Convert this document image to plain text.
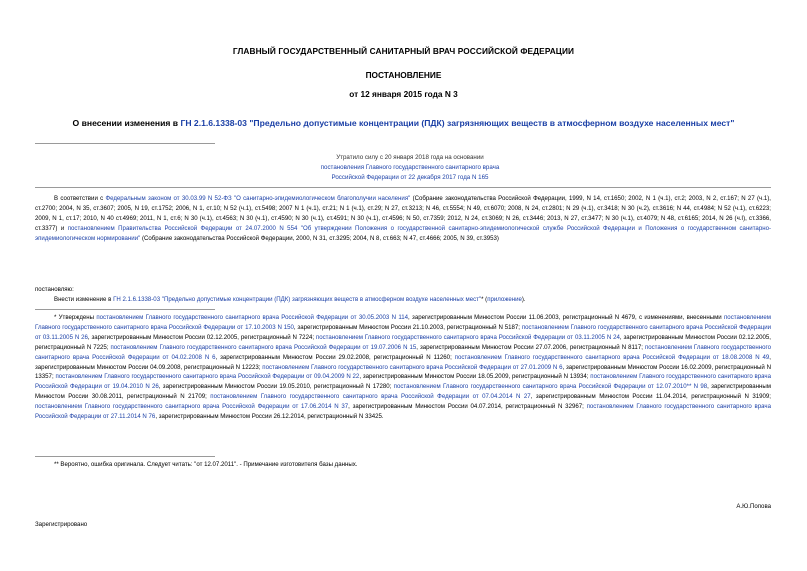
ГЛАВНЫЙ ГОСУДАРСТВЕННЫЙ САНИТАРНЫЙ ВРАЧ РОССИЙСКОЙ ФЕДЕРАЦИИ
ПОСТАНОВЛЕНИЕ
от 12 января 2015 года N 3
О внесении изменения в ГН 2.1.6.1338-03 "Предельно допустимые концентрации (ПДК) загрязняющих веществ в атмосферном воздухе населенных мест"
Утратило силу с 20 января 2018 года на основании
постановления Главного государственного санитарного врача
Российской Федерации от 22 декабря 2017 года N 165
В соответствии с Федеральным законом от 30.03.99 N 52-ФЗ "О санитарно-эпидемиологическом благополучии населения" (Собрание законодательства Российской Федерации, 1999, N 14, ст.1650; 2002, N 1 (ч.1), ст.2; 2003, N 2, ст.167; N 27 (ч.1), ст.2700; 2004, N 35, ст.3607; 2005, N 19, ст.1752; 2006, N 1, ст.10; N 52 (ч.1), ст.5498; 2007 N 1 (ч.1), ст.21; N 1 (ч.1), ст.29; N 27, ст.3213; N 46, ст.5554; N 49, ст.6070; 2008, N 24, ст.2801; N 29 (ч.1), ст.3418; N 30 (ч.2), ст.3616; N 44, ст.4984; N 52 (ч.1), ст.6223; 2009, N 1, ст.17; 2010, N 40 ст.4969; 2011, N 1, ст.6; N 30 (ч.1), ст.4563; N 30 (ч.1), ст.4590; N 30 (ч.1), ст.4591; N 30 (ч.1), ст.4596; N 50, ст.7359; 2012, N 24, ст.3069; N 26, ст.3446; 2013, N 27, ст.3477; N 30 (ч.1), ст.4079; N 48, ст.6165; 2014, N 26 (ч.I), ст.3366, ст.3377) и постановлением Правительства Российской Федерации от 24.07.2000 N 554 "Об утверждении Положения о государственной санитарно-эпидемиологической службе Российской Федерации и Положения о государственном санитарно-эпидемиологическом нормировании" (Собрание законодательства Российской Федерации, 2000, N 31, ст.3295; 2004, N 8, ст.663; N 47, ст.4666; 2005, N 39, ст.3953)
постановляю:
Внести изменение в ГН 2.1.6.1338-03 "Предельно допустимые концентрации (ПДК) загрязняющих веществ в атмосферном воздухе населенных мест"* (приложение).
* Утверждены постановлением Главного государственного санитарного врача Российской Федерации от 30.05.2003 N 114, зарегистрированным Минюстом России 11.06.2003, регистрационный N 4679, с изменениями, внесенными постановлением Главного государственного санитарного врача Российской Федерации от 17.10.2003 N 150, зарегистрированным Минюстом России 21.10.2003, регистрационный N 5187; постановлением Главного государственного санитарного врача Российской Федерации от 03.11.2005 N 26, зарегистрированным Минюстом России 02.12.2005, регистрационный N 7224; постановлением Главного государственного санитарного врача Российской Федерации от 03.11.2005 N 24, зарегистрированным Минюстом России 02.12.2005, регистрационный N 7225; постановлением Главного государственного санитарного врача Российской Федерации от 19.07.2006 N 15, зарегистрированным Минюстом России 27.07.2006, регистрационный N 8117; постановлением Главного государственного санитарного врача Российской Федерации от 04.02.2008 N 6, зарегистрированным Минюстом России 29.02.2008, регистрационный N 11260; постановлением Главного государственного санитарного врача Российской Федерации от 18.08.2008 N 49, зарегистрированным Минюстом России 04.09.2008, регистрационный N 12223; постановлением Главного государственного санитарного врача Российской Федерации от 27.01.2009 N 6, зарегистрированным Минюстом России 16.02.2009, регистрационный N 13357; постановлением Главного государственного санитарного врача Российской Федерации от 09.04.2009 N 22, зарегистрированным Минюстом России 18.05.2009, регистрационный N 13934; постановлением Главного государственного санитарного врача Российской Федерации от 19.04.2010 N 26, зарегистрированным Минюстом России 19.05.2010, регистрационный N 17280; постановлением Главного государственного санитарного врача Российской Федерации от 12.07.2010** N 98, зарегистрированным Минюстом России 30.08.2011, регистрационный N 21709; постановлением Главного государственного санитарного врача Российской Федерации от 07.04.2014 N 27, зарегистрированным Минюстом России 11.04.2014, регистрационный N 31909; постановлением Главного государственного санитарного врача Российской Федерации от 17.06.2014 N 37, зарегистрированным Минюстом России 04.07.2014, регистрационный N 32967; постановлением Главного государственного санитарного врача Российской Федерации от 27.11.2014 N 76, зарегистрированным Минюстом России 26.12.2014, регистрационный N 33425.
** Вероятно, ошибка оригинала. Следует читать: "от 12.07.2011". - Примечание изготовителя базы данных.
А.Ю.Попова
Зарегистрировано
